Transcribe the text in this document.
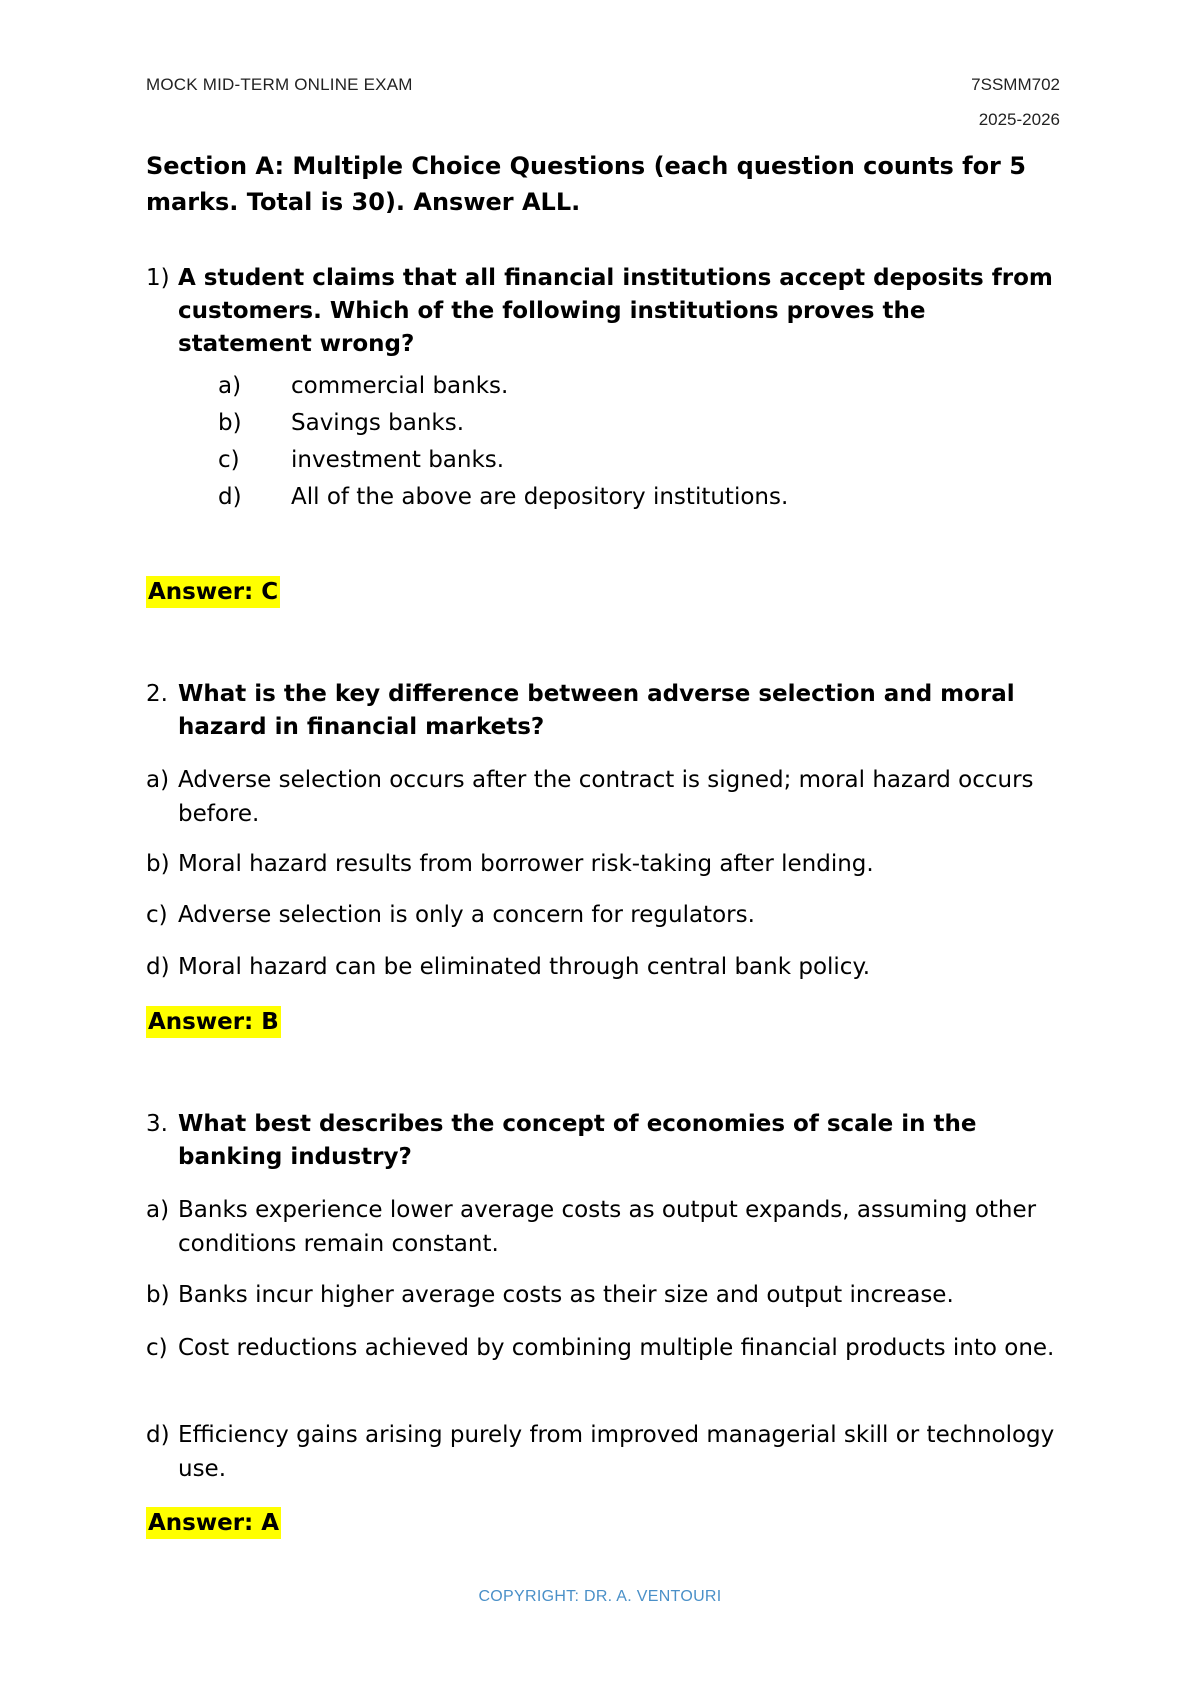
MOCK MID-TERM ONLINE EXAM	7SSMM702
2025-2026
Section A: Multiple Choice Questions (each question counts for 5 marks. Total is 30). Answer ALL.
1) A student claims that all financial institutions accept deposits from customers. Which of the following institutions proves the statement wrong?
a) commercial banks.
b) Savings banks.
c) investment banks.
d) All of the above are depository institutions.
Answer: C
2. What is the key difference between adverse selection and moral hazard in financial markets?
a) Adverse selection occurs after the contract is signed; moral hazard occurs before.
b) Moral hazard results from borrower risk-taking after lending.
c) Adverse selection is only a concern for regulators.
d) Moral hazard can be eliminated through central bank policy.
Answer: B
3. What best describes the concept of economies of scale in the banking industry?
a) Banks experience lower average costs as output expands, assuming other conditions remain constant.
b) Banks incur higher average costs as their size and output increase.
c) Cost reductions achieved by combining multiple financial products into one.
d) Efficiency gains arising purely from improved managerial skill or technology use.
Answer: A
COPYRIGHT: DR. A. VENTOURI
